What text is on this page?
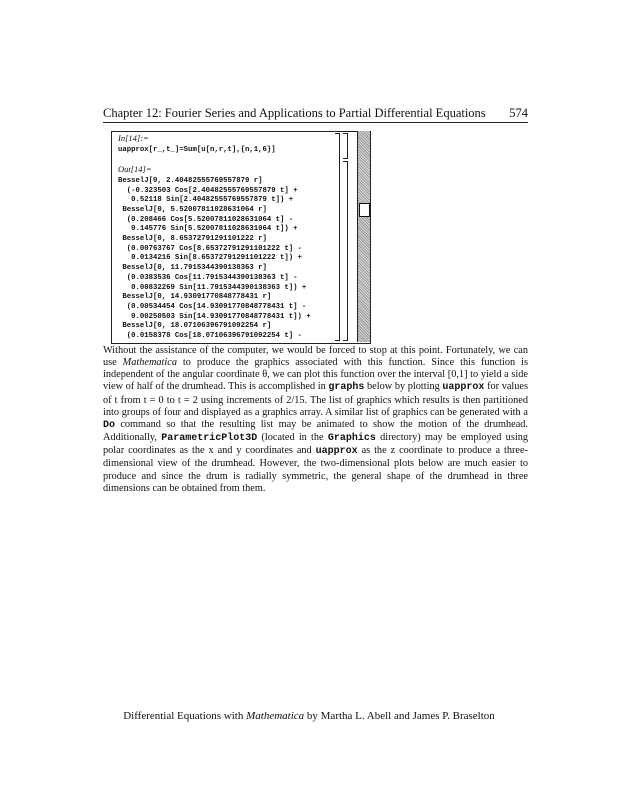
Chapter 12: Fourier Series and Applications to Partial Differential Equations 574
In[14]:=
uapprox[r_,t_]=Sum[u[n,r,t],{n,1,6}]

Out[14]=
BesselJ[0, 2.40482555769557879 r]
(-0.323503 Cos[2.40482555769557879 t] +
0.52118 Sin[2.40482555769557879 t]) +
BesselJ[0, 5.52007811028631064 r]
(0.208466 Cos[5.52007811028631064 t] -
0.145776 Sin[5.52007811028631064 t]) +
BesselJ[0, 8.65372791291101222 r]
(0.00763767 Cos[8.65372791291101222 t] -
0.0134216 Sin[8.65372791291101222 t]) +
BesselJ[0, 11.7915344390138363 r]
(0.0383536 Cos[11.7915344390138363 t] -
0.00832269 Sin[11.7915344390138363 t]) +
BesselJ[0, 14.93091770848778431 r]
(0.00534454 Cos[14.93091770848778431 t] -
0.00250503 Sin[14.93091770848778431 t]) +
BesselJ[0, 18.07106396791092254 r]
(0.0158378 Cos[18.07106396791092254 t] -

Without the assistance of the computer, we would be forced to stop at this point. Fortunately, we can use Mathematica to produce the graphics associated with this function. Since this function is independent of the angular coordinate θ, we can plot this function over the interval [0,1] to yield a side view of half of the drumhead. This is accomplished in graphs below by plotting uapprox for values of t from t = 0 to t = 2 using increments of 2/15. The list of graphics which results is then partitioned into groups of four and displayed as a graphics array. A similar list of graphics can be generated with a Do command so that the resulting list may be animated to show the motion of the drumhead. Additionally, ParametricPlot3D (located in the Graphics directory) may be employed using polar coordinates as the x and y coordinates and uapprox as the z coordinate to produce a three-dimensional view of the drumhead. However, the two-dimensional plots below are much easier to produce and since the drum is radially symmetric, the general shape of the drumhead in three dimensions can be obtained from them.
Differential Equations with Mathematica by Martha L. Abell and James P. Braselton
